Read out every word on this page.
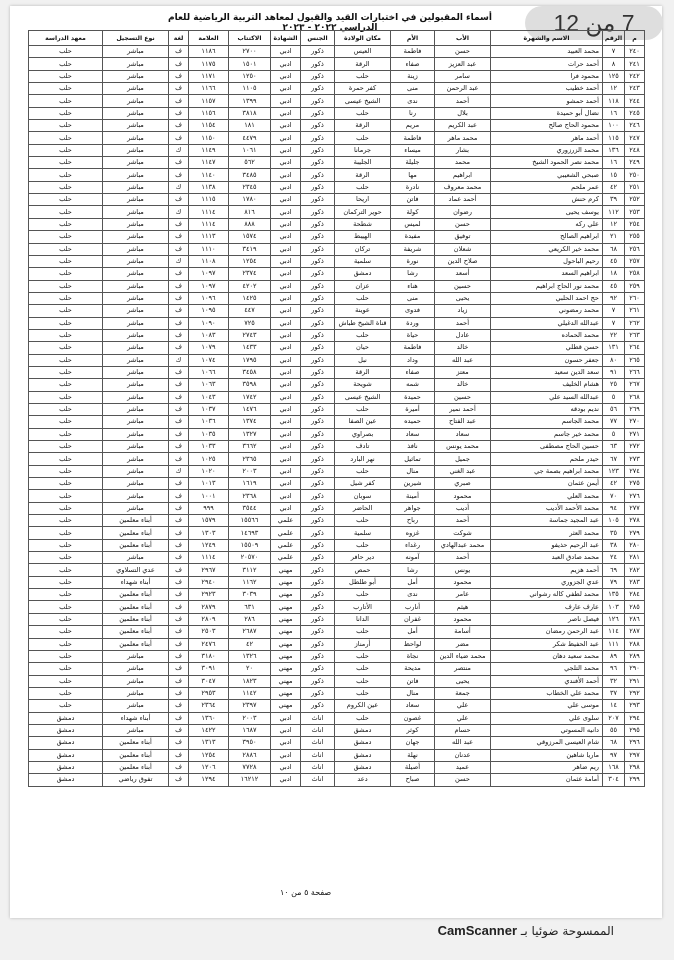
أسماء المقبولين في اختبارات القيد والقبول لمعاهد التربية الرياضية للعام الدراسي ٢٠٢٢ - ٢٠٢٣	7 من 12
م	الرقم	الاسم والشهرة	الأب	الأم	مكان الولادة	الجنس	الشهادة	الاكتتاب	العلامة	لغة	نوع التسجيل	معهد الدراسة
٢٤٠	٧	محمد العبيد	حسن	فاطمة	العيس	ذكور	ادبي	٢٧٠٠	١١٨٦	ف	مباشر	حلب
٢٤١	٨	أحمد حرات	عبد العزيز	صفاء	الرقة	ذكور	ادبي	١٥٠١	١١٧٥	ف	مباشر	حلب
٢٤٢	١٢٥	محمود فرا	سامر	زينة	حلب	ذكور	ادبي	١٢٥٠	١١٧١	ف	مباشر	حلب
٢٤٣	١٢	أحمد خطيب	عبد الرحمن	منى	كفر حمرة	ذكور	ادبي	١١٠٥	١١٦٦	ف	مباشر	حلب
٢٤٤	١١٨	أحمد حمشو	أحمد	ندى	الشيخ عيسى	ذكور	ادبي	١٣٩٩	١١٥٧	ف	مباشر	حلب
٢٤٥	١٦	نضال أبو حميدة	بلال	رنا	حلب	ذكور	ادبي	٣٨١٨	١١٥٦	ف	مباشر	حلب
٢٤٦	١٠٠	محمود الحاج صالح	عبد الكريم	مريم	الرقة	ذكور	ادبي	١٨١	١١٥٤	ف	مباشر	حلب
٢٤٧	١١٥	أحمد ماهر	محمد ماهر	فاطمة	حلب	ذكور	ادبي	٤٤٧٩	١١٥٠	ف	مباشر	حلب
٢٤٨	١٣٦	محمد الزرزوري	بشار	ميساء	جرمانا	ذكور	ادبي	١٠٦١	١١٤٩	ك	مباشر	حلب
٢٤٩	١٦	محمد نصر الحمود الشيخ	محمد	جليلة	الجليبة	ذكور	ادبي	٥٦٢	١١٤٧	ف	مباشر	حلب
٢٥٠	١٥	صبحي الشعيبي	ابراهيم	مها	الرقة	ذكور	ادبي	٣٤٨٥	١١٤٠	ف	مباشر	حلب
٢٥١	٤٢	عمر ملحم	محمد معروف	نادرة	حلب	ذكور	ادبي	٢٣٤٥	١١٣٨	ك	مباشر	حلب
٢٥٢	٣٩	كرم حنش	أحمد عماد	فاتن	اريحا	ذكور	ادبي	١٧٨٠	١١١٥	ف	مباشر	حلب
٢٥٣	١١٢	يوسف يحيى	رضوان	كولة	حوير التركمان	ذكور	ادبي	٨١٦	١١١٤	ك	مباشر	حلب
٢٥٤	١٢	علي ركه	حسن	لميس	شطحة	ذكور	ادبي	٨٨٨	١١١٤	ف	مباشر	حلب
٢٥٥	٢١	ابراهيم الصالح	توفيق	مفيدة	الهيبط	ذكور	ادبي	١٥٧٤	١١١٣	ف	مباشر	حلب
٢٥٦	٦٨	محمد خير الكريعي	شعلان	شريفة	تركان	ذكور	ادبي	٣٤١٩	١١١٠	ف	مباشر	حلب
٢٥٧	٤٥	رحيم الباحول	صلاح الدين	نورة	سلمية	ذكور	ادبي	١٢٥٤	١١٠٨	ك	مباشر	حلب
٢٥٨	١٨	ابراهيم السعد	أسعد	رشا	دمشق	ذكور	ادبي	٢٣٧٤	١٠٩٧	ف	مباشر	حلب
٢٥٩	٤٥	محمد نور الحاج ابراهيم	حسين	هناء	عزان	ذكور	ادبي	٤٢٠٢	١٠٩٧	ف	مباشر	حلب
٢٦٠	٩٢	حج احمد الحلبي	يحيى	منى	حلب	ذكور	ادبي	١٤٢٥	١٠٩٦	ف	مباشر	حلب
٢٦١	٧	محمد رمضوني	زياد	فدوى	عوينة	ذكور	ادبي	٤٤٧	١٠٩٥	ف	مباشر	حلب
٢٦٢	٧	عبدالله الدغيلي	أحمد	وردة	قناة الشيخ طباش	ذكور	ادبي	٧٢٥	١٠٩٠	ف	مباشر	حلب
٢٦٣	٢٢	محمد الحماده	عادل	حياة	حلب	ذكور	ادبي	٢٧٤٣	١٠٨٣	ف	مباشر	حلب
٢٦٤	١٣١	حسن قطلي	خالد	فاطمة	حيان	ذكور	ادبي	١٤٣٣	١٠٧٩	ف	مباشر	حلب
٢٦٥	٨٠	جعفر حسون	عبد الله	وداد	نبل	ذكور	ادبي	١٧٩٥	١٠٧٤	ك	مباشر	حلب
٢٦٦	٩١	سعد الدين سعيد	معتز	صفاء	الرقة	ذكور	ادبي	٣٤٥٨	١٠٦٦	ف	مباشر	حلب
٢٦٧	٢٥	هشام الخليف	خالد	شمه	شويحة	ذكور	ادبي	٣٥٩٨	١٠٦٣	ف	مباشر	حلب
٢٦٨	٥	عبدالله السيد علي	حسين	حميدة	الشيخ عيسى	ذكور	ادبي	١٧٤٢	١٠٤٣	ف	مباشر	حلب
٢٦٩	٥٦	نديم بودقه	أحمد نمير	أميرة	حلب	ذكور	ادبي	١٤٧٦	١٠٣٧	ف	مباشر	حلب
٢٧٠	٧٧	محمد الجاسم	عبد الفتاح	حميده	عين الصفا	ذكور	ادبي	١٣٧٤	١٠٣٦	ف	مباشر	حلب
٢٧١	٥	محمد خير جاسم	سعاد	سعاد	بصراوي	ذكور	ادبي	١٣٢٧	١٠٣٥	ف	مباشر	حلب
٢٧٢	٦٣	حسين الحاج مصطفى	محمد يونس	نافذ	تادف	ذكور	ادبي	٣٦٦٢	١٠٣٣	ف	مباشر	حلب
٢٧٣	٦٧	حيدر ملحم	جميل	تماثيل	نهر البارد	ذكور	ادبي	٢٣٦٥	١٠٢٥	ف	مباشر	حلب
٢٧٤	١٢٣	محمد ابراهيم بصمة جي	عبد الغني	منال	حلب	ذكور	ادبي	٢٠٠٣	١٠٢٠	ك	مباشر	حلب
٢٧٥	٤٢	أيمن عثمان	صبري	شيرين	كفر شيل	ذكور	ادبي	١٦١٩	١٠١٣	ف	مباشر	حلب
٢٧٦	٧٠	محمد العلي	محمود	أمينة	سوبان	ذكور	ادبي	٢٣٦٨	١٠٠١	ف	مباشر	حلب
٢٧٧	٩٤	محمد الأحمد الأديب	أديب	جواهر	الحاضر	ذكور	ادبي	٣٥٤٤	٩٩٩	ف	مباشر	حلب
٢٧٨	١٠٥	عبد المجيد جماسة	أحمد	رباح	حلب	ذكور	علمي	١٥٥٦٦	١٥٧٩	ف	أبناء معلمين	حلب
٢٧٩	٣٥	محمد العثر	شوكت	غزوه	سلمية	ذكور	علمي	١٤٦٩٣	١٣٠٣	ف	أبناء معلمين	حلب
٢٨٠	٣٨	عبد الرحيم حذيفو	محمد عبدالهادي	رغداء	حلب	ذكور	علمي	١٥٥٠٩	١٢٤٩	ف	أبناء معلمين	حلب
٢٨١	٢٤	محمد صادق العبد	أحمد	آمونه	دير حافر	ذكور	علمي	٢٠٥٧٠	١١١٤	ف	مباشر	حلب
٢٨٢	٦٩	أحمد هزيم	يونس	رشا	حمص	ذكور	مهني	٣١١٢	٢٩٦٧	ف	عدي التسلاوي	حلب
٢٨٣	٧٩	عدي الجزوري	محمود	أمل	أبو طلطل	ذكور	مهني	١١٦٢	٢٩٤٠	ف	أبناء شهداء	حلب
٢٨٤	١٣٥	محمد لطفي كاله رشواني	عامر	ندى	حلب	ذكور	مهني	٣٠٣٩	٢٩٢٣	ف	أبناء معلمين	حلب
٢٨٥	١٠٣	عارف عارف	هيثم	أنارب	الأتارب	ذكور	مهني	٦٣١	٢٨٧٩	ف	أبناء معلمين	حلب
٢٨٦	١٢٦	فيصل ناصر	محمود	غفران	الدانا	ذكور	مهني	٢٨٦	٢٨٠٩	ف	أبناء معلمين	حلب
٢٨٧	١١٤	عبد الرحمن رمضان	أسامة	أمل	حلب	ذكور	مهني	٢٦٨٧	٢٥٠٣	ف	أبناء معلمين	حلب
٢٨٨	١١١	عبد الحفيظ شكر	مضر	لواحظ	أرمناز	ذكور	مهني	٤٢	٢٤٧٦	ف	أبناء معلمين	حلب
٢٨٩	٨٩	محمد سعيد دهان	محمد ضياء الدين	نجاة	حلب	ذكور	مهني	١٣٢٦	٣١٨٠	ف	مباشر	حلب
٢٩٠	٩٦	محمد التلجي	منتصر	مديحة	حلب	ذكور	مهني	٢٠	٣٠٩١	ف	مباشر	حلب
٢٩١	٣٢	أحمد الأفندي	يحيى	فاتن	حلب	ذكور	مهني	١٨٢٣	٣٠٤٧	ف	مباشر	حلب
٢٩٢	٣٧	محمد علي الخطاب	جمعة	منال	حلب	ذكور	مهني	١١٤٢	٢٩٥٣	ف	مباشر	حلب
٢٩٣	١٤	موسى علي	علي	سعاد	عين الكروم	ذكور	مهني	٢٣٩٧	٢٣٦٤	ف	مباشر	حلب
٢٩٤	٢٠٧	سلوى علي	علي	غصون	حلب	اناث	ادبي	٢٠٠٣	١٣٦٠	ف	أبناء شهداء	دمشق
٢٩٥	٥٥	دانيه المسوتي	حسام	كوثر	دمشق	اناث	ادبي	١٦٨٧	١٤٢٢	ف	مباشر	دمشق
٢٩٦	٦٨	شام العيسى المرزوقي	عبد الله	جهان	دمشق	اناث	ادبي	٣٩٥٠	١٣١٣	ف	أبناء معلمين	دمشق
٢٩٧	٩٧	ماريا شاهين	عدنان	نهلة	دمشق	اناث	ادبي	٢٨٨٦	١٢٥٤	ف	أبناء معلمين	دمشق
٢٩٨	١٦٨	ريم ضاهر	عميد	أصيلة	دمشق	اناث	ادبي	٧٧٢٨	١٢٠٦	ف	أبناء معلمين	دمشق
٢٩٩	٣٠٤	أمامة عثمان	حسن	صباح	دعد	اناث	ادبي	١٦٢١٢	١٢٩٤	ف	تفوق رياضي	دمشق
صفحة ٥ من ١٠
الممسوحة ضوئيا بـ CamScanner
